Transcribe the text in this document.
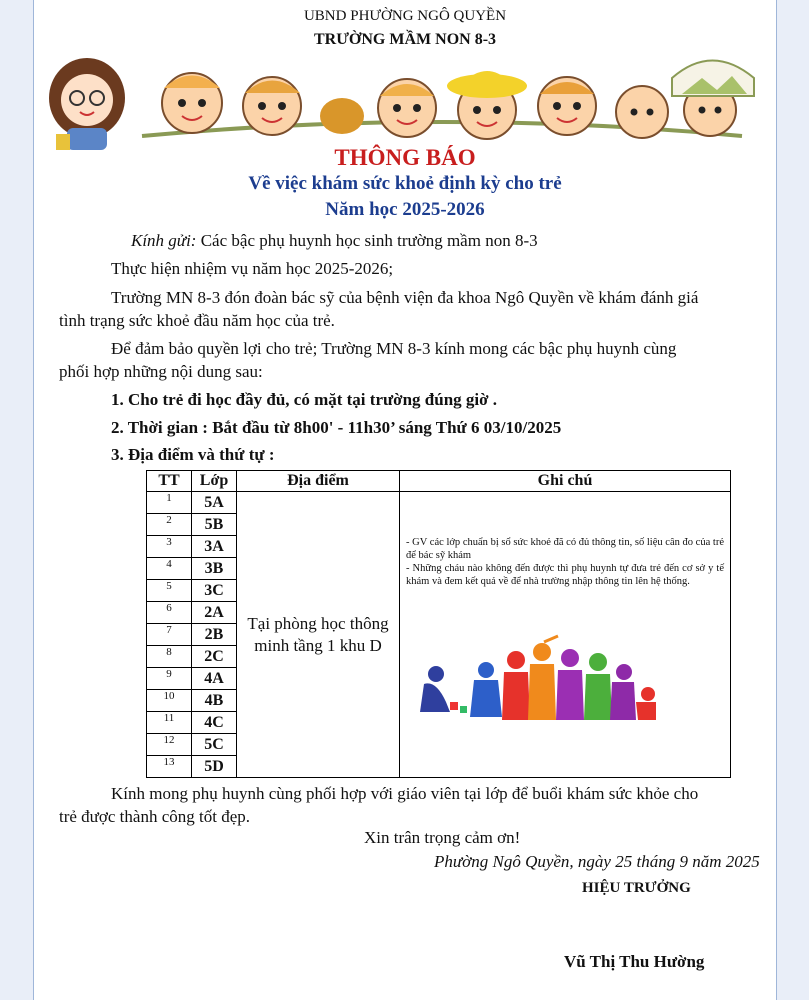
UBND PHƯỜNG NGÔ QUYỀN
TRƯỜNG MẦM NON 8-3
THÔNG BÁO
Về việc khám sức khoẻ định kỳ cho trẻ
Năm học 2025-2026
Kính gửi: Các bậc phụ huynh học sinh trường mầm non 8-3
Thực hiện nhiệm vụ năm học 2025-2026;
Trường MN 8-3 đón đoàn bác sỹ của bệnh viện đa khoa Ngô Quyền về khám đánh giá
tình trạng sức khoẻ đầu năm học của trẻ.
Để đảm bảo quyền lợi cho trẻ; Trường MN 8-3 kính mong các bậc phụ huynh cùng
phối hợp những nội dung sau:
1. Cho trẻ đi học đầy đủ, có mặt tại trường đúng giờ .
2. Thời gian : Bắt đầu từ 8h00' - 11h30’ sáng Thứ 6 03/10/2025
3. Địa điểm và thứ tự :
TT	Lớp	Địa điểm	Ghi chú
1	5A	Tại phòng học thông minh tầng 1 khu D	- GV các lớp chuẩn bị sổ sức khoẻ đã có đủ thông tin, số liệu cân đo của trẻ để bác sỹ khám
- Những cháu nào không đến được thì phụ huynh tự đưa trẻ đến cơ sở y tế khám và đem kết quả về để nhà trường nhập thông tin lên hệ thống.

2	5B		
3	3A		
4	3B		
5	3C		
6	2A		
7	2B		
8	2C		
9	4A		
10	4B		
11	4C		
12	5C		
13	5D		
Kính mong phụ huynh cùng phối hợp với giáo viên tại lớp để buổi khám sức khỏe cho
trẻ được thành công tốt đẹp.
Xin trân trọng cảm ơn!
Phường Ngô Quyền, ngày 25 tháng 9 năm 2025
HIỆU TRƯỞNG
Vũ Thị Thu Hường
